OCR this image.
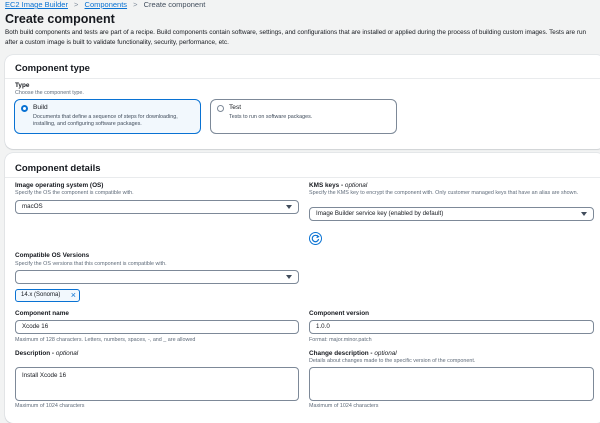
EC2 Image Builder > Components > Create component
Create component
Both build components and tests are part of a recipe. Build components contain software, settings, and configurations that are installed or applied during the process of building custom images. Tests are run after a custom image is built to validate functionality, security, performance, etc.
Component type
Type
Choose the component type.
Build
Documents that define a sequence of steps for downloading, installing, and configuring software packages.
Test
Tests to run on software packages.
Component details
Image operating system (OS)
Specify the OS the component is compatible with.
macOS
KMS keys - optional
Specify the KMS key to encrypt the component with. Only customer managed keys that have an alias are shown.
Image Builder service key (enabled by default)
Compatible OS Versions
Specify the OS versions that this component is compatible with.
14.x (Sonoma) ×
Component name
Xcode 16
Maximum of 128 characters. Letters, numbers, spaces, -, and _ are allowed
Component version
1.0.0
Format: major.minor.patch
Description - optional
Install Xcode 16
Maximum of 1024 characters
Change description - optional
Details about changes made to the specific version of the component.
Maximum of 1024 characters
